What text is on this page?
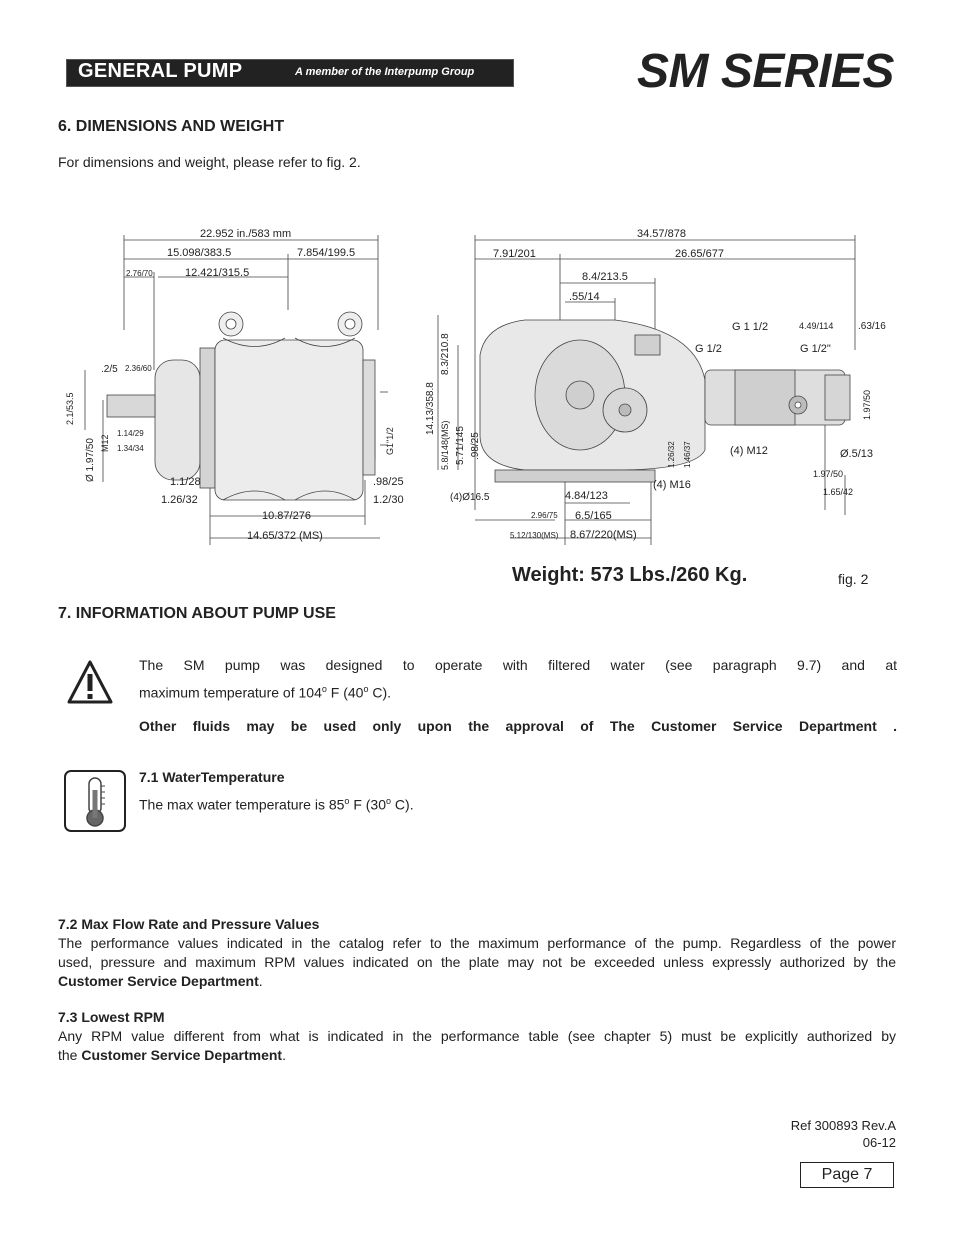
GENERAL PUMP	A member of the Interpump Group	SM SERIES
6. DIMENSIONS AND WEIGHT
For dimensions and weight, please refer to fig. 2.
22.952 in./583 mm
15.098/383.5	7.854/199.5
2.76/70	12.421/315.5
.2/5 2.36/60
2.1/53.5
M12
Ø 1.97/50
1.14/29
1.34/34	G1"1/2
1.1/28
1.26/32
.98/25
1.2/30
10.87/276
14.65/372 (MS)
34.57/878
7.91/201	26.65/677
8.4/213.5
.55/14
G 1 1/2	4.49/114 .63/16
G 1/2	G 1/2"
14.13/358.8
8.3/210.8
5.8/148(MS) 5.71/145 .98/25
1.97/50
(4) M12	Ø.5/13
1.97/50
1.65/42
(4)Ø16.5	4.84/123
(4) M16
2.96/75 6.5/165
5.12/130(MS) 8.67/220(MS)
1.26/32 1.46/37
Weight: 573 Lbs./260 Kg.	fig. 2
7. INFORMATION ABOUT PUMP USE
The SM pump was designed to operate with filtered water (see paragraph 9.7) and at
maximum temperature of 104$^o$ F (40$^o$ C).
Other fluids may be used only upon the approval of The Customer Service Department .
7.1 WaterTemperature
The max water temperature is 85$^o$ F (30$^o$ C).
7.2 Max Flow Rate and Pressure Values
The performance values indicated in the catalog refer to the maximum performance of the pump. Regardless of the power
used, pressure and maximum RPM values indicated on the plate may not be exceeded unless expressly authorized by the
Customer Service Department.
7.3 Lowest RPM
Any RPM value different from what is indicated in the performance table (see chapter 5) must be explicitly authorized by
the Customer Service Department.
Ref 300893 Rev.A
06-12
Page 7
